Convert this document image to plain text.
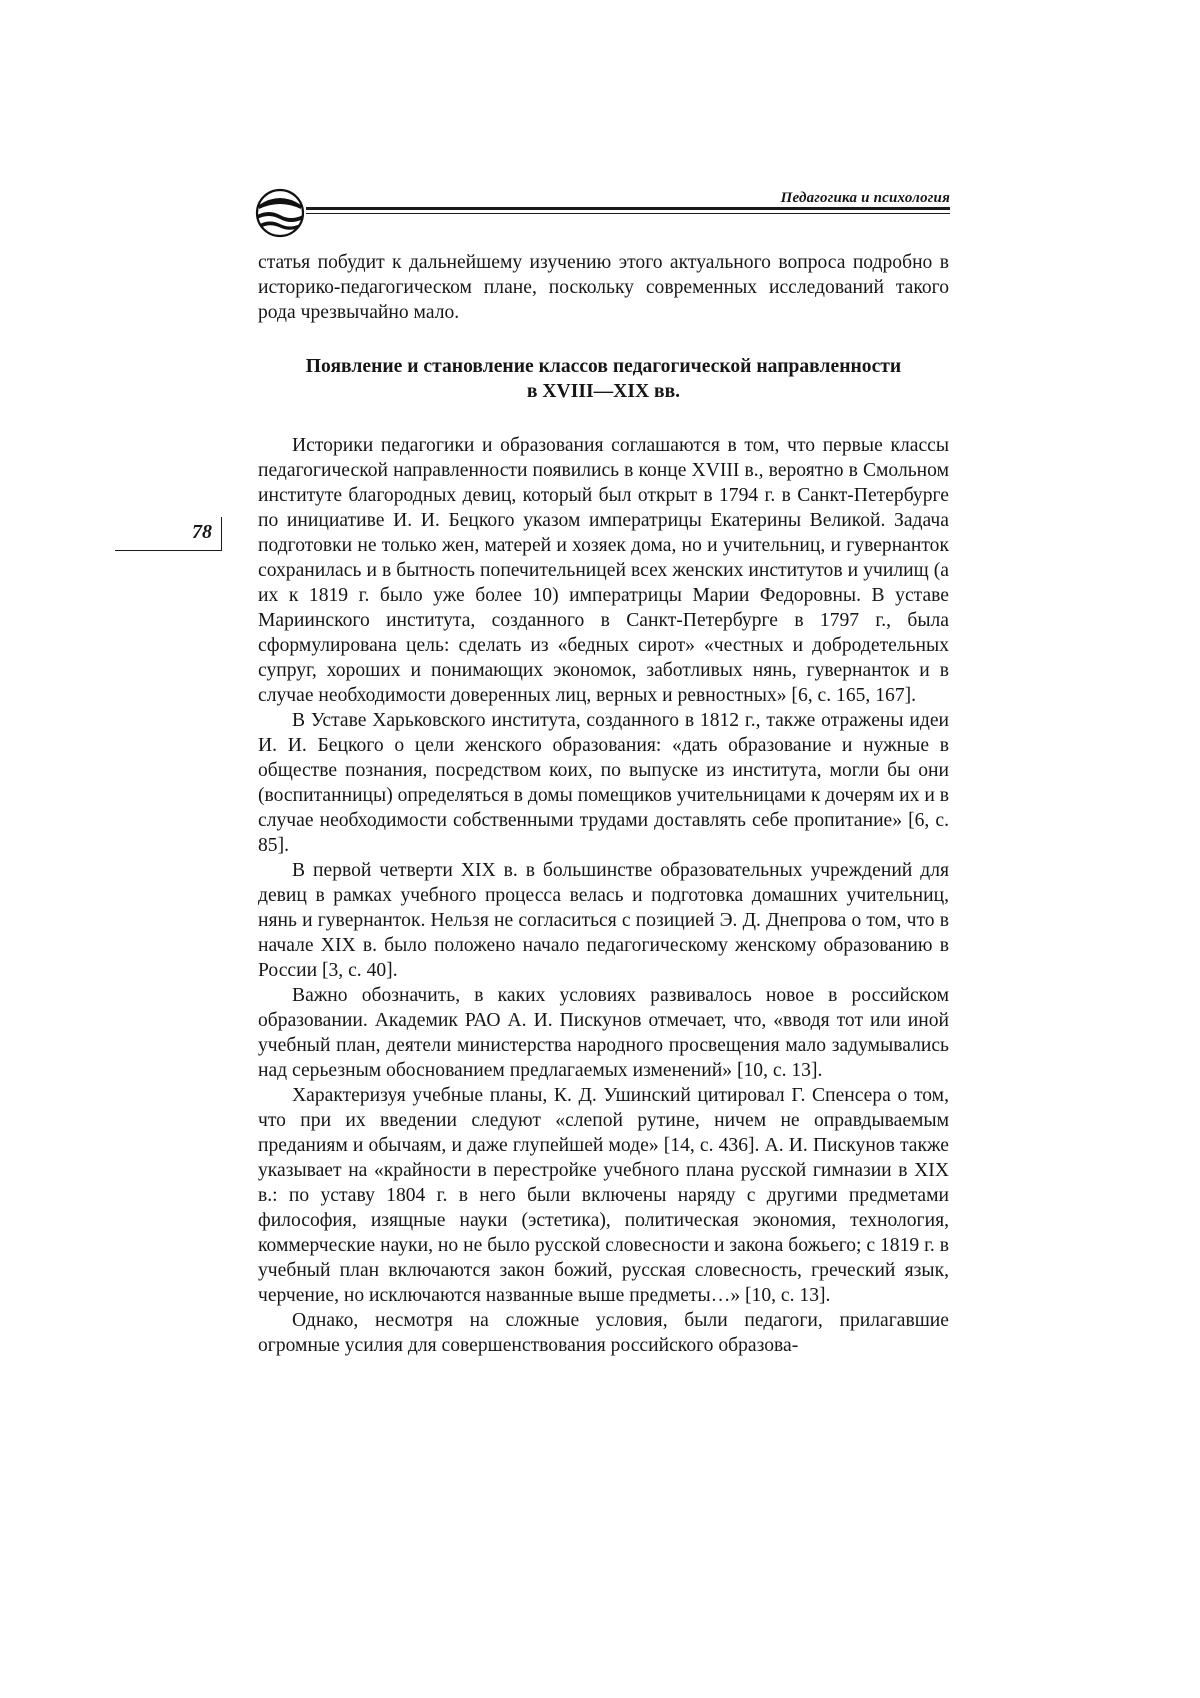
Педагогика и психология
78

статья побудит к дальнейшему изучению этого актуального вопроса подробно в историко-педагогическом плане, поскольку современных исследований такого рода чрезвычайно мало.

Появление и становление классов педагогической направленности
в XVIII—XIX вв.

Историки педагогики и образования соглашаются в том, что первые классы педагогической направленности появились в конце XVIII в., вероятно в Смольном институте благородных девиц, который был открыт в 1794 г. в Санкт-Петербурге по инициативе И. И. Бецкого указом императрицы Екатерины Великой. Задача подготовки не только жен, матерей и хозяек дома, но и учительниц, и гувернанток сохранилась и в бытность попечительницей всех женских институтов и училищ (а их к 1819 г. было уже более 10) императрицы Марии Федоровны. В уставе Мариинского института, созданного в Санкт-Петербурге в 1797 г., была сформулирована цель: сделать из «бедных сирот» «честных и добродетельных супруг, хороших и понимающих экономок, заботливых нянь, гувернанток и в случае необходимости доверенных лиц, верных и ревностных» [6, с. 165, 167].

В Уставе Харьковского института, созданного в 1812 г., также отражены идеи И. И. Бецкого о цели женского образования: «дать образование и нужные в обществе познания, посредством коих, по выпуске из института, могли бы они (воспитанницы) определяться в домы помещиков учительницами к дочерям их и в случае необходимости собственными трудами доставлять себе пропитание» [6, с. 85].

В первой четверти XIX в. в большинстве образовательных учреждений для девиц в рамках учебного процесса велась и подготовка домашних учительниц, нянь и гувернанток. Нельзя не согласиться с позицией Э. Д. Днепрова о том, что в начале XIX в. было положено начало педагогическому женскому образованию в России [3, с. 40].

Важно обозначить, в каких условиях развивалось новое в российском образовании. Академик РАО А. И. Пискунов отмечает, что, «вводя тот или иной учебный план, деятели министерства народного просвещения мало задумывались над серьезным обоснованием предлагаемых изменений» [10, с. 13].

Характеризуя учебные планы, К. Д. Ушинский цитировал Г. Спенсера о том, что при их введении следуют «слепой рутине, ничем не оправдываемым преданиям и обычаям, и даже глупейшей моде» [14, с. 436]. А. И. Пискунов также указывает на «крайности в перестройке учебного плана русской гимназии в XIX в.: по уставу 1804 г. в него были включены наряду с другими предметами философия, изящные науки (эстетика), политическая экономия, технология, коммерческие науки, но не было русской словесности и закона божьего; с 1819 г. в учебный план включаются закон божий, русская словесность, греческий язык, черчение, но исключаются названные выше предметы…» [10, с. 13].

Однако, несмотря на сложные условия, были педагоги, прилагавшие огромные усилия для совершенствования российского образова-
